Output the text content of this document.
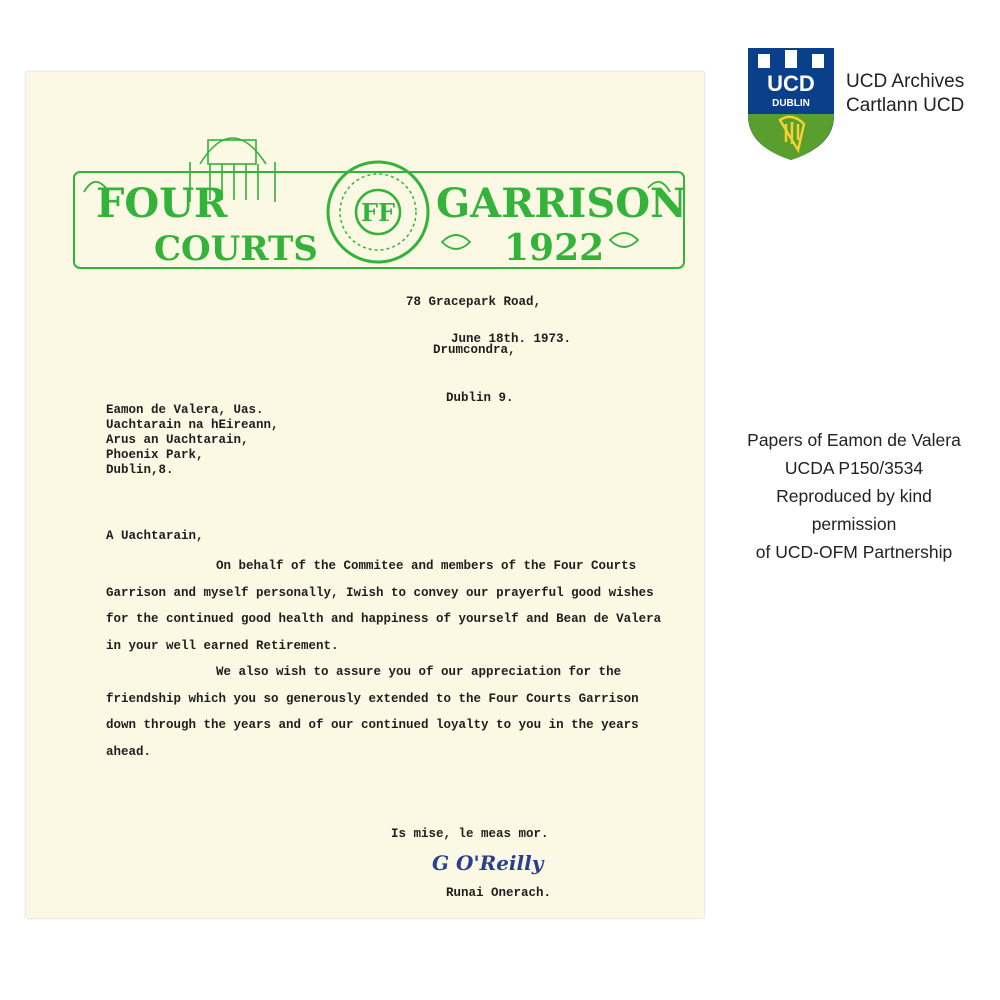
FF
FOUR
COURTS
GARRISON
1922

78 Gracepark Road,

Drumcondra,

Dublin 9.

June 18th. 1973.
Eamon de Valera, Uas.
Uachtarain na hEireann,
Arus an Uachtarain,
Phoenix Park,
Dublin,8.
A Uachtarain,

On behalf of the Commitee and members of the Four Courts Garrison and myself personally, Iwish to convey our prayerful good wishes for the continued good health and happiness of yourself and Bean de Valera in your well earned Retirement.

We also wish to assure you of our appreciation for the friendship which you so generously extended to the Four Courts Garrison down through the years and of our continued loyalty to you in the years ahead.

Is mise, le meas mor.
G O'Reilly
Runai Onerach.
UCD
DUBLIN
UCD Archives
Cartlann UCD
Papers of Eamon de Valera
UCDA P150/3534
Reproduced by kind
permission
of UCD-OFM Partnership
